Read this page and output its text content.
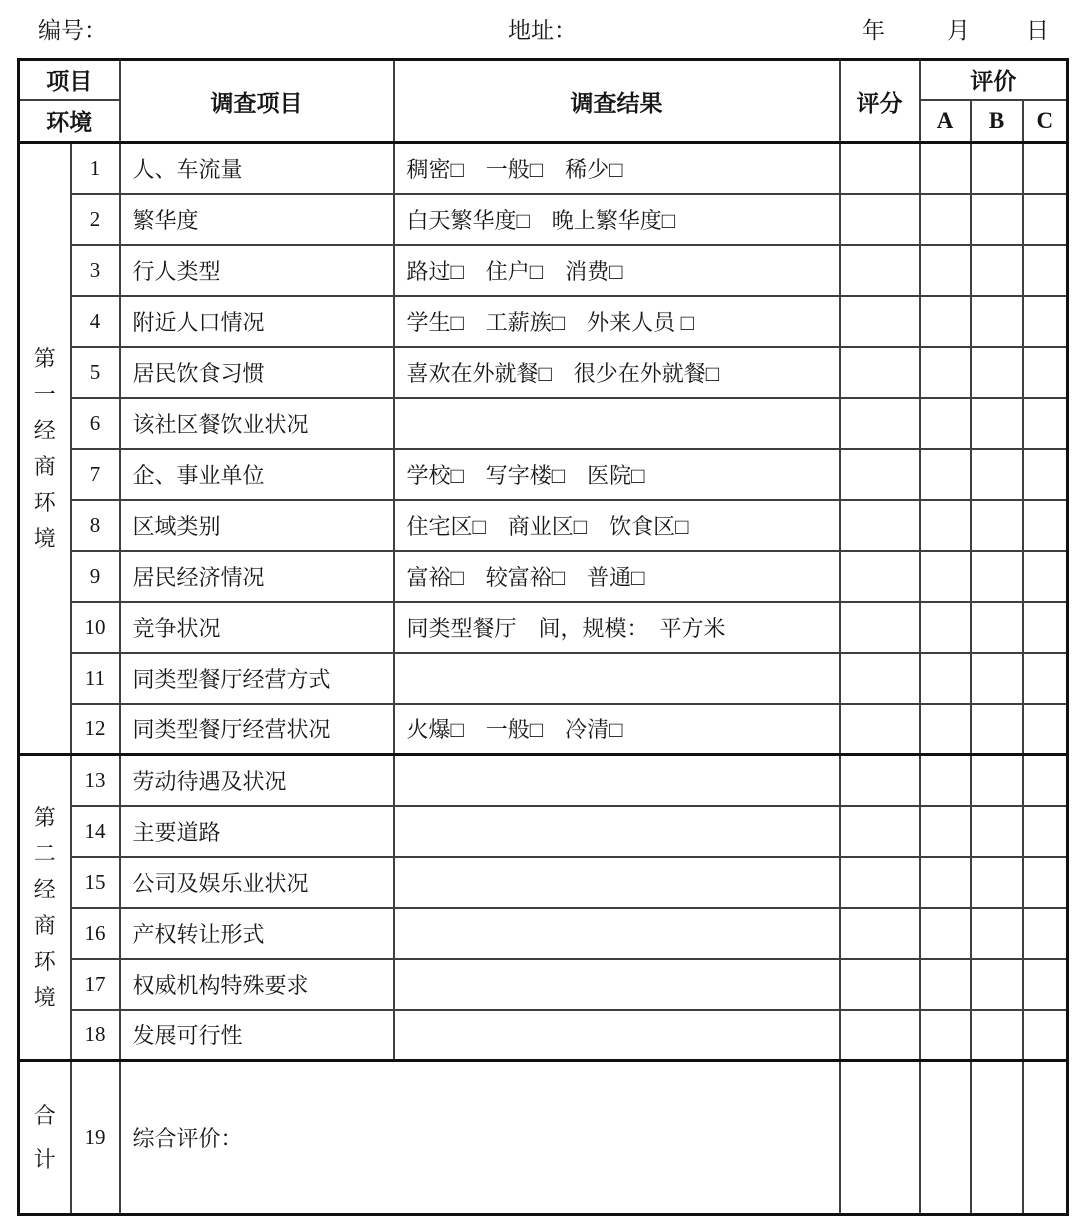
编号：	地址：	年	月 日
项目		调查项目	调查结果	评分	评价		
环境					A	B	C

第一经商环境	1	人、车流量	稠密□　一般□　稀少□				
	2	繁华度	白天繁华度□　晚上繁华度□				
	3	行人类型	路过□　住户□　消费□				
	4	附近人口情况	学生□　工薪族□　外来人员 □				
	5	居民饮食习惯	喜欢在外就餐□　很少在外就餐□				
	6	该社区餐饮业状况					
	7	企、事业单位	学校□　写字楼□　医院□				
	8	区域类别	住宅区□　商业区□　饮食区□				
	9	居民经济情况	富裕□　较富裕□　普通□				
	10	竞争状况	同类型餐厅　间，规模：　平方米				
	11	同类型餐厅经营方式					
	12	同类型餐厅经营状况	火爆□　一般□　冷清□				

第二经商环境	13	劳动待遇及状况					
	14	主要道路					
	15	公司及娱乐业状况					
	16	产权转让形式					
	17	权威机构特殊要求					
	18	发展可行性					

合计	19	综合评价：					
